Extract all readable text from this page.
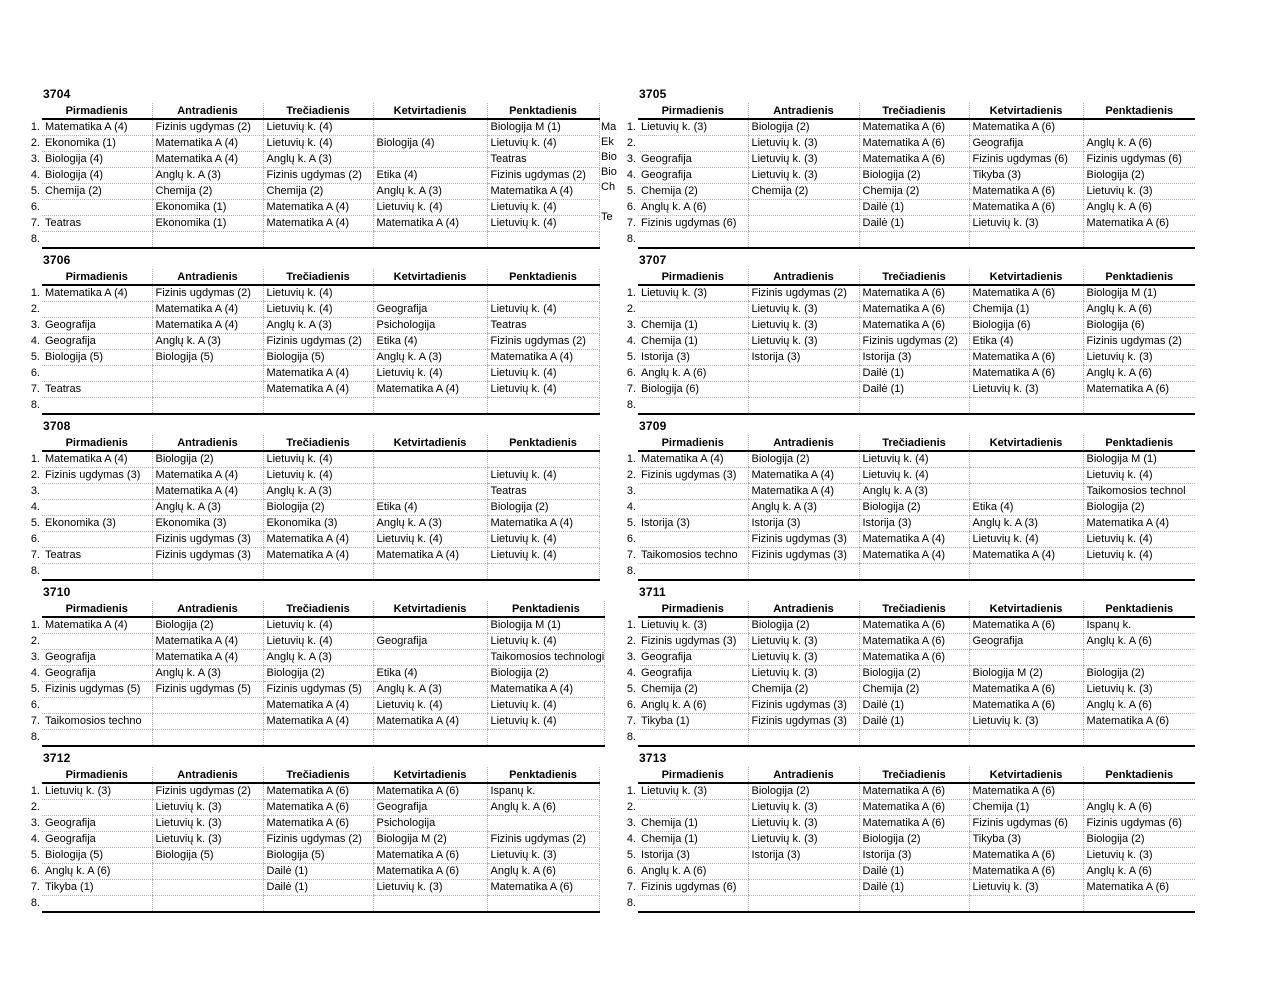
3704
	Pirmadienis	Antradienis	Trečiadienis	Ketvirtadienis	Penktadienis
1.	Matematika A (4)	Fizinis ugdymas (2)	Lietuvių k. (4)		Biologija M (1)
2.	Ekonomika (1)	Matematika A (4)	Lietuvių k. (4)	Biologija (4)	Lietuvių k. (4)
3.	Biologija (4)	Matematika A (4)	Anglų k. A (3)		Teatras
4.	Biologija (4)	Anglų k. A (3)	Fizinis ugdymas (2)	Etika (4)	Fizinis ugdymas (2)
5.	Chemija (2)	Chemija (2)	Chemija (2)	Anglų k. A (3)	Matematika A (4)
6.		Ekonomika (1)	Matematika A (4)	Lietuvių k. (4)	Lietuvių k. (4)
7.	Teatras	Ekonomika (1)	Matematika A (4)	Matematika A (4)	Lietuvių k. (4)
8.					
3705
	Pirmadienis	Antradienis	Trečiadienis	Ketvirtadienis	Penktadienis
1.	Lietuvių k. (3)	Biologija (2)	Matematika A (6)	Matematika A (6)	
2.		Lietuvių k. (3)	Matematika A (6)	Geografija	Anglų k. A (6)
3.	Geografija	Lietuvių k. (3)	Matematika A (6)	Fizinis ugdymas (6)	Fizinis ugdymas (6)
4.	Geografija	Lietuvių k. (3)	Biologija (2)	Tikyba (3)	Biologija (2)
5.	Chemija (2)	Chemija (2)	Chemija (2)	Matematika A (6)	Lietuvių k. (3)
6.	Anglų k. A (6)		Dailė (1)	Matematika A (6)	Anglų k. A (6)
7.	Fizinis ugdymas (6)		Dailė (1)	Lietuvių k. (3)	Matematika A (6)
8.					
3706
	Pirmadienis	Antradienis	Trečiadienis	Ketvirtadienis	Penktadienis
1.	Matematika A (4)	Fizinis ugdymas (2)	Lietuvių k. (4)		
2.		Matematika A (4)	Lietuvių k. (4)	Geografija	Lietuvių k. (4)
3.	Geografija	Matematika A (4)	Anglų k. A (3)	Psichologija	Teatras
4.	Geografija	Anglų k. A (3)	Fizinis ugdymas (2)	Etika (4)	Fizinis ugdymas (2)
5.	Biologija (5)	Biologija (5)	Biologija (5)	Anglų k. A (3)	Matematika A (4)
6.			Matematika A (4)	Lietuvių k. (4)	Lietuvių k. (4)
7.	Teatras		Matematika A (4)	Matematika A (4)	Lietuvių k. (4)
8.					
3707
	Pirmadienis	Antradienis	Trečiadienis	Ketvirtadienis	Penktadienis
1.	Lietuvių k. (3)	Fizinis ugdymas (2)	Matematika A (6)	Matematika A (6)	Biologija M (1)
2.		Lietuvių k. (3)	Matematika A (6)	Chemija (1)	Anglų k. A (6)
3.	Chemija (1)	Lietuvių k. (3)	Matematika A (6)	Biologija (6)	Biologija (6)
4.	Chemija (1)	Lietuvių k. (3)	Fizinis ugdymas (2)	Etika (4)	Fizinis ugdymas (2)
5.	Istorija (3)	Istorija (3)	Istorija (3)	Matematika A (6)	Lietuvių k. (3)
6.	Anglų k. A (6)		Dailė (1)	Matematika A (6)	Anglų k. A (6)
7.	Biologija (6)		Dailė (1)	Lietuvių k. (3)	Matematika A (6)
8.					
3708
	Pirmadienis	Antradienis	Trečiadienis	Ketvirtadienis	Penktadienis
1.	Matematika A (4)	Biologija (2)	Lietuvių k. (4)		
2.	Fizinis ugdymas (3)	Matematika A (4)	Lietuvių k. (4)		Lietuvių k. (4)
3.		Matematika A (4)	Anglų k. A (3)		Teatras
4.		Anglų k. A (3)	Biologija (2)	Etika (4)	Biologija (2)
5.	Ekonomika (3)	Ekonomika (3)	Ekonomika (3)	Anglų k. A (3)	Matematika A (4)
6.		Fizinis ugdymas (3)	Matematika A (4)	Lietuvių k. (4)	Lietuvių k. (4)
7.	Teatras	Fizinis ugdymas (3)	Matematika A (4)	Matematika A (4)	Lietuvių k. (4)
8.					
3709
	Pirmadienis	Antradienis	Trečiadienis	Ketvirtadienis	Penktadienis
1.	Matematika A (4)	Biologija (2)	Lietuvių k. (4)		Biologija M (1)
2.	Fizinis ugdymas (3)	Matematika A (4)	Lietuvių k. (4)		Lietuvių k. (4)
3.		Matematika A (4)	Anglų k. A (3)		Taikomosios technol
4.		Anglų k. A (3)	Biologija (2)	Etika (4)	Biologija (2)
5.	Istorija (3)	Istorija (3)	Istorija (3)	Anglų k. A (3)	Matematika A (4)
6.		Fizinis ugdymas (3)	Matematika A (4)	Lietuvių k. (4)	Lietuvių k. (4)
7.	Taikomosios techno	Fizinis ugdymas (3)	Matematika A (4)	Matematika A (4)	Lietuvių k. (4)
8.					
3710
	Pirmadienis	Antradienis	Trečiadienis	Ketvirtadienis	Penktadienis
1.	Matematika A (4)	Biologija (2)	Lietuvių k. (4)		Biologija M (1)
2.		Matematika A (4)	Lietuvių k. (4)	Geografija	Lietuvių k. (4)
3.	Geografija	Matematika A (4)	Anglų k. A (3)		Taikomosios technologi
4.	Geografija	Anglų k. A (3)	Biologija (2)	Etika (4)	Biologija (2)
5.	Fizinis ugdymas (5)	Fizinis ugdymas (5)	Fizinis ugdymas (5)	Anglų k. A (3)	Matematika A (4)
6.			Matematika A (4)	Lietuvių k. (4)	Lietuvių k. (4)
7.	Taikomosios techno		Matematika A (4)	Matematika A (4)	Lietuvių k. (4)
8.					
3711
	Pirmadienis	Antradienis	Trečiadienis	Ketvirtadienis	Penktadienis
1.	Lietuvių k. (3)	Biologija (2)	Matematika A (6)	Matematika A (6)	Ispanų k.
2.	Fizinis ugdymas (3)	Lietuvių k. (3)	Matematika A (6)	Geografija	Anglų k. A (6)
3.	Geografija	Lietuvių k. (3)	Matematika A (6)		
4.	Geografija	Lietuvių k. (3)	Biologija (2)	Biologija M (2)	Biologija (2)
5.	Chemija (2)	Chemija (2)	Chemija (2)	Matematika A (6)	Lietuvių k. (3)
6.	Anglų k. A (6)	Fizinis ugdymas (3)	Dailė (1)	Matematika A (6)	Anglų k. A (6)
7.	Tikyba (1)	Fizinis ugdymas (3)	Dailė (1)	Lietuvių k. (3)	Matematika A (6)
8.					
3712
	Pirmadienis	Antradienis	Trečiadienis	Ketvirtadienis	Penktadienis
1.	Lietuvių k. (3)	Fizinis ugdymas (2)	Matematika A (6)	Matematika A (6)	Ispanų k.
2.		Lietuvių k. (3)	Matematika A (6)	Geografija	Anglų k. A (6)
3.	Geografija	Lietuvių k. (3)	Matematika A (6)	Psichologija	
4.	Geografija	Lietuvių k. (3)	Fizinis ugdymas (2)	Biologija M (2)	Fizinis ugdymas (2)
5.	Biologija (5)	Biologija (5)	Biologija (5)	Matematika A (6)	Lietuvių k. (3)
6.	Anglų k. A (6)		Dailė (1)	Matematika A (6)	Anglų k. A (6)
7.	Tikyba (1)		Dailė (1)	Lietuvių k. (3)	Matematika A (6)
8.					
3713
	Pirmadienis	Antradienis	Trečiadienis	Ketvirtadienis	Penktadienis
1.	Lietuvių k. (3)	Biologija (2)	Matematika A (6)	Matematika A (6)	
2.		Lietuvių k. (3)	Matematika A (6)	Chemija (1)	Anglų k. A (6)
3.	Chemija (1)	Lietuvių k. (3)	Matematika A (6)	Fizinis ugdymas (6)	Fizinis ugdymas (6)
4.	Chemija (1)	Lietuvių k. (3)	Biologija (2)	Tikyba (3)	Biologija (2)
5.	Istorija (3)	Istorija (3)	Istorija (3)	Matematika A (6)	Lietuvių k. (3)
6.	Anglų k. A (6)		Dailė (1)	Matematika A (6)	Anglų k. A (6)
7.	Fizinis ugdymas (6)		Dailė (1)	Lietuvių k. (3)	Matematika A (6)
8.					
Ma
Ek
Bio
Bio
Ch
Te
